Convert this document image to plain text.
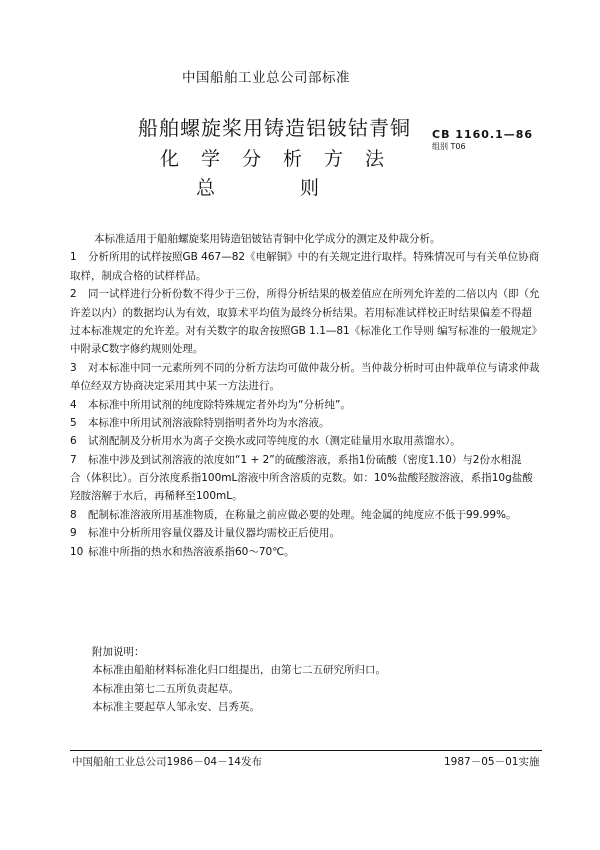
中国船舶工业总公司部标准
船舶螺旋桨用铸造铝铍钴青铜
化学分析方法
总	则
CB 1160.1—86
组别 T06
本标准适用于船舶螺旋桨用铸造铝铍钴青铜中化学成分的测定及仲裁分析。
1 分析所用的试样按照GB 467—82《电解铜》中的有关规定进行取样。特殊情况可与有关单位协商
取样，制成合格的试样样品。
2 同一试样进行分析份数不得少于三份，所得分析结果的极差值应在所列允许差的二倍以内（即（允
许差以内）的数据均认为有效，取算术平均值为最终分析结果。若用标准试样校正时结果偏差不得超
过本标准规定的允许差。对有关数字的取舍按照GB 1.1—81《标准化工作导则 编写标准的一般规定》
中附录C数字修约规则处理。
3 对本标准中同一元素所列不同的分析方法均可做仲裁分析。当仲裁分析时可由仲裁单位与请求仲裁
单位经双方协商决定采用其中某一方法进行。
4 本标准中所用试剂的纯度除特殊规定者外均为“分析纯”。
5 本标准中所用试剂溶液除特别指明者外均为水溶液。
6 试剂配制及分析用水为离子交换水或同等纯度的水（测定硅量用水取用蒸馏水）。
7 标准中涉及到试剂溶液的浓度如“1 + 2”的硫酸溶液，系指1份硫酸（密度1.10）与2份水相混
合（体积比）。百分浓度系指100mL溶液中所含溶质的克数。如：10%盐酸羟胺溶液，系指10g盐酸
羟胺溶解于水后，再稀释至100mL。
8 配制标准溶液所用基准物质，在称量之前应做必要的处理。纯金属的纯度应不低于99.99%。
9 标准中分析所用容量仪器及计量仪器均需校正后使用。
10 标准中所指的热水和热溶液系指60～70℃。
附加说明：
本标准由船舶材料标准化归口组提出，由第七二五研究所归口。
本标准由第七二五所负责起草。
本标准主要起草人邹永安、吕秀英。
中国船舶工业总公司1986－04－14发布	1987－05－01实施
